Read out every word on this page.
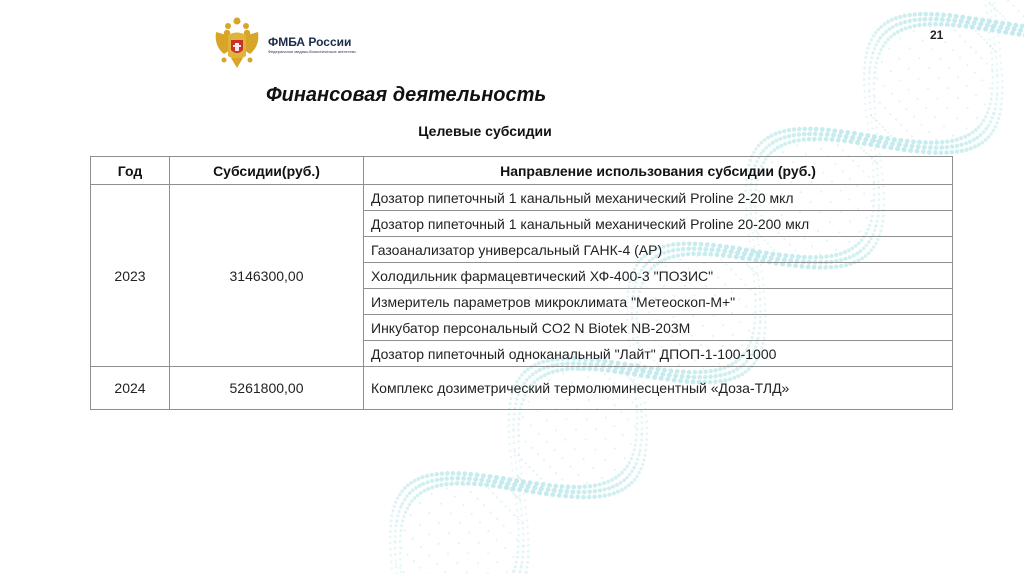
ФМБА России
Федеральное медико-биологическое агентство
21
Финансовая деятельность
Целевые субсидии
Год	Субсидии(руб.)	Направление использования субсидии (руб.)
2023	3146300,00	Дозатор пипеточный 1 канальный механический Proline 2-20 мкл
		Дозатор пипеточный 1 канальный механический Proline 20-200 мкл
		Газоанализатор универсальный ГАНК-4 (АР)
		Холодильник фармацевтический ХФ-400-3 "ПОЗИС"
		Измеритель параметров микроклимата "Метеоскоп-М+"
		Инкубатор персональный CO2 N Biotek NB-203M
		Дозатор пипеточный одноканальный "Лайт" ДПОП-1-100-1000
2024	5261800,00	Комплекс дозиметрический термолюминесцентный «Доза-ТЛД»
